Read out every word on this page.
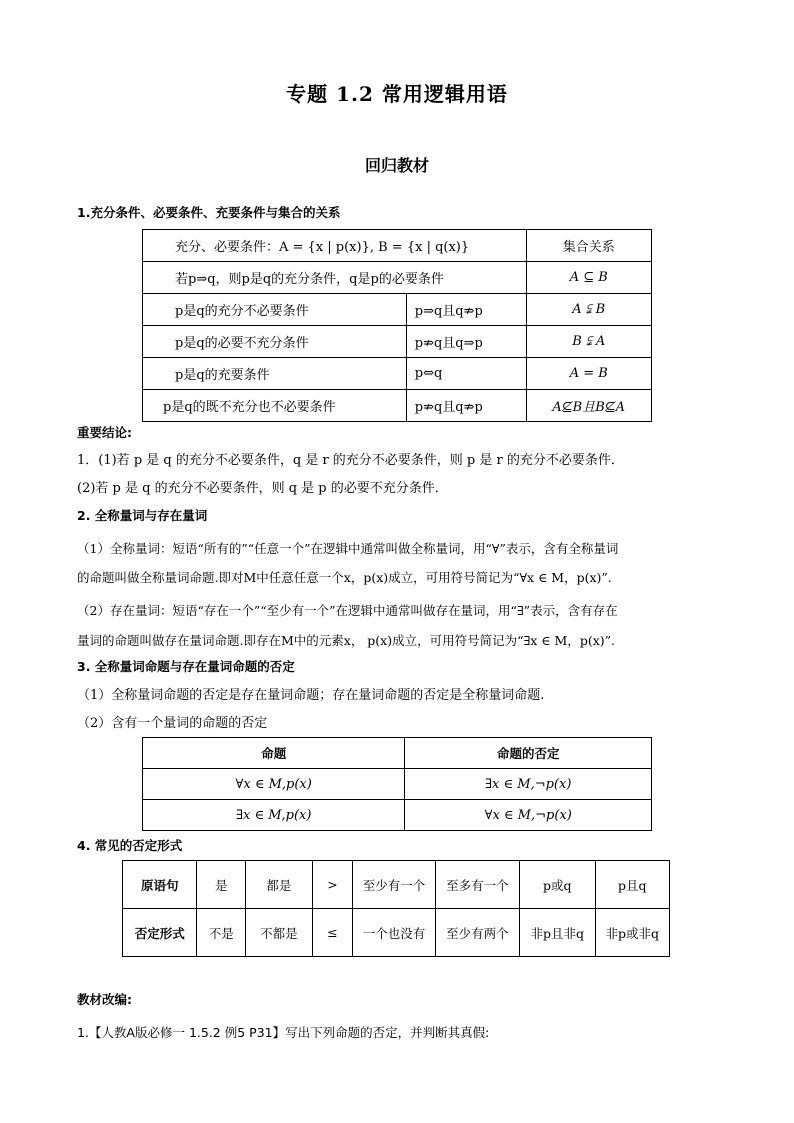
专题 1.2 常用逻辑用语
回归教材
1.充分条件、必要条件、充要条件与集合的关系
充分、必要条件：A = {x | p(x)}, B = {x | q(x)}		集合关系
若p⇒q，则p是q的充分条件，q是p的必要条件		A ⊆ B
p是q的充分不必要条件	p⇒q且q⇏p	A ⫋ B
p是q的必要不充分条件	p⇏q且q⇒p	B ⫋ A
p是q的充要条件	p⇔q	A = B
p是q的既不充分也不必要条件	p⇏q且q⇏p	A⊈B且B⊈A
重要结论:
1．(1)若 p 是 q 的充分不必要条件，q 是 r 的充分不必要条件，则 p 是 r 的充分不必要条件．
(2)若 p 是 q 的充分不必要条件，则 q 是 p 的必要不充分条件．
2. 全称量词与存在量词
（1）全称量词：短语“所有的”“任意一个”在逻辑中通常叫做全称量词，用“∀”表示，含有全称量词
的命题叫做全称量词命题.即对M中任意任意一个x，p(x)成立，可用符号简记为“∀x ∈ M，p(x)”.
（2）存在量词：短语“存在一个”“至少有一个”在逻辑中通常叫做存在量词，用“∃”表示，含有存在
量词的命题叫做存在量词命题.即存在M中的元素x， p(x)成立，可用符号简记为“∃x ∈ M，p(x)”.
3. 全称量词命题与存在量词命题的否定
（1）全称量词命题的否定是存在量词命题；存在量词命题的否定是全称量词命题.
（2）含有一个量词的命题的否定
命题	命题的否定
∀x ∈ M,p(x)	∃x ∈ M,¬p(x)
∃x ∈ M,p(x)	∀x ∈ M,¬p(x)
4. 常见的否定形式
原语句	是	都是	>	至少有一个	至多有一个	p或q	p且q
否定形式	不是	不都是	≤	一个也没有	至少有两个	非p且非q	非p或非q
教材改编:
1.【人教A版必修一 1.5.2 例5 P31】写出下列命题的否定，并判断其真假:
